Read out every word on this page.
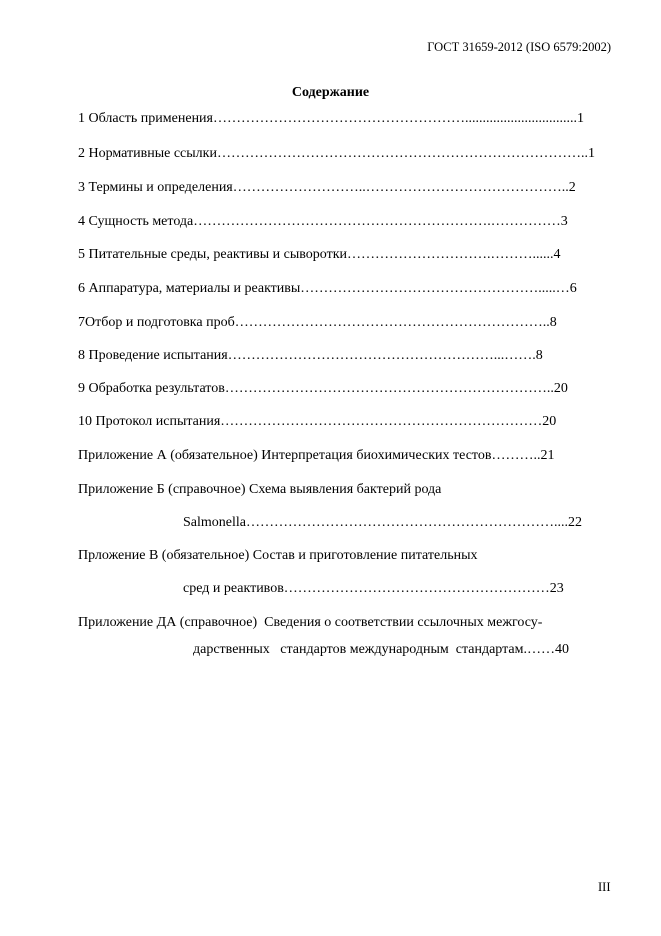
ГОСТ 31659-2012 (ISO 6579:2002)
Содержание
1 Область применения………………………………………………................................1
2 Нормативные ссылки……………………………………………………………………..1
3 Термины и определения………………………..……………………………………..2
4 Сущность метода……………………………………………………….……………3
5 Питательные среды, реактивы и сыворотки………………………….………......4
6 Аппаратура, материалы и реактивы…………………………………………….....…6
7Отбор и подготовка проб…………………………………………………………..8
8 Проведение испытания…………………………………………………...…….8
9 Обработка результатов……………………………………………………………..20
10 Протокол испытания……………………………………………………………20
Приложение А (обязательное) Интерпретация биохимических тестов………..21
Приложение Б (справочное) Схема выявления бактерий рода
Salmonella…………………………………………………………....22
Прложение В (обязательное) Состав и приготовление питательных
сред и реактивов…………………………………………………23
Приложение ДА (справочное)  Сведения о соответствии ссылочных межгосу-
дарственных   стандартов международным  стандартам.……40
III
